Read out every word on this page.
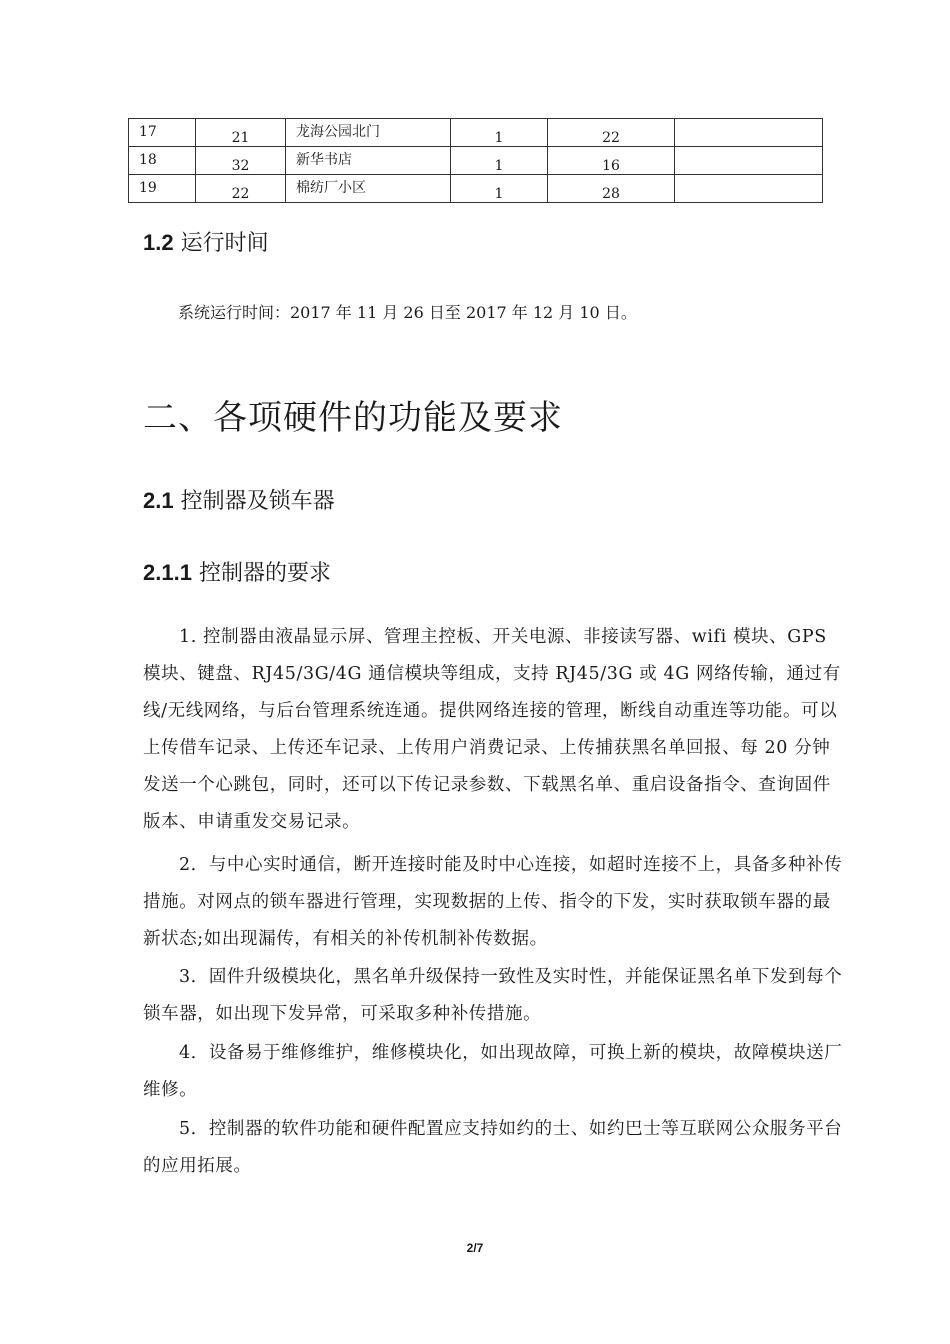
17	21	龙海公园北门	1	22	

18	32	新华书店	1	16	

19	22	棉纺厂小区	1	28	

1.2 运行时间
系统运行时间：2017 年 11 月 26 日至 2017 年 12 月 10 日。
二、各项硬件的功能及要求
2.1 控制器及锁车器
2.1.1 控制器的要求

1. 控制器由液晶显示屏、管理主控板、开关电源、非接读写器、wifi 模块、GPS 模块、键盘、RJ45/3G/4G 通信模块等组成，支持 RJ45/3G 或 4G 网络传输，通过有线/无线网络，与后台管理系统连通。提供网络连接的管理，断线自动重连等功能。可以上传借车记录、上传还车记录、上传用户消费记录、上传捕获黑名单回报、每 20 分钟发送一个心跳包，同时，还可以下传记录参数、下载黑名单、重启设备指令、查询固件版本、申请重发交易记录。

2．与中心实时通信，断开连接时能及时中心连接，如超时连接不上，具备多种补传措施。对网点的锁车器进行管理，实现数据的上传、指令的下发，实时获取锁车器的最新状态;如出现漏传，有相关的补传机制补传数据。

3．固件升级模块化，黑名单升级保持一致性及实时性，并能保证黑名单下发到每个锁车器，如出现下发异常，可采取多种补传措施。

4．设备易于维修维护，维修模块化，如出现故障，可换上新的模块，故障模块送厂维修。

5．控制器的软件功能和硬件配置应支持如约的士、如约巴士等互联网公众服务平台的应用拓展。

2/7
